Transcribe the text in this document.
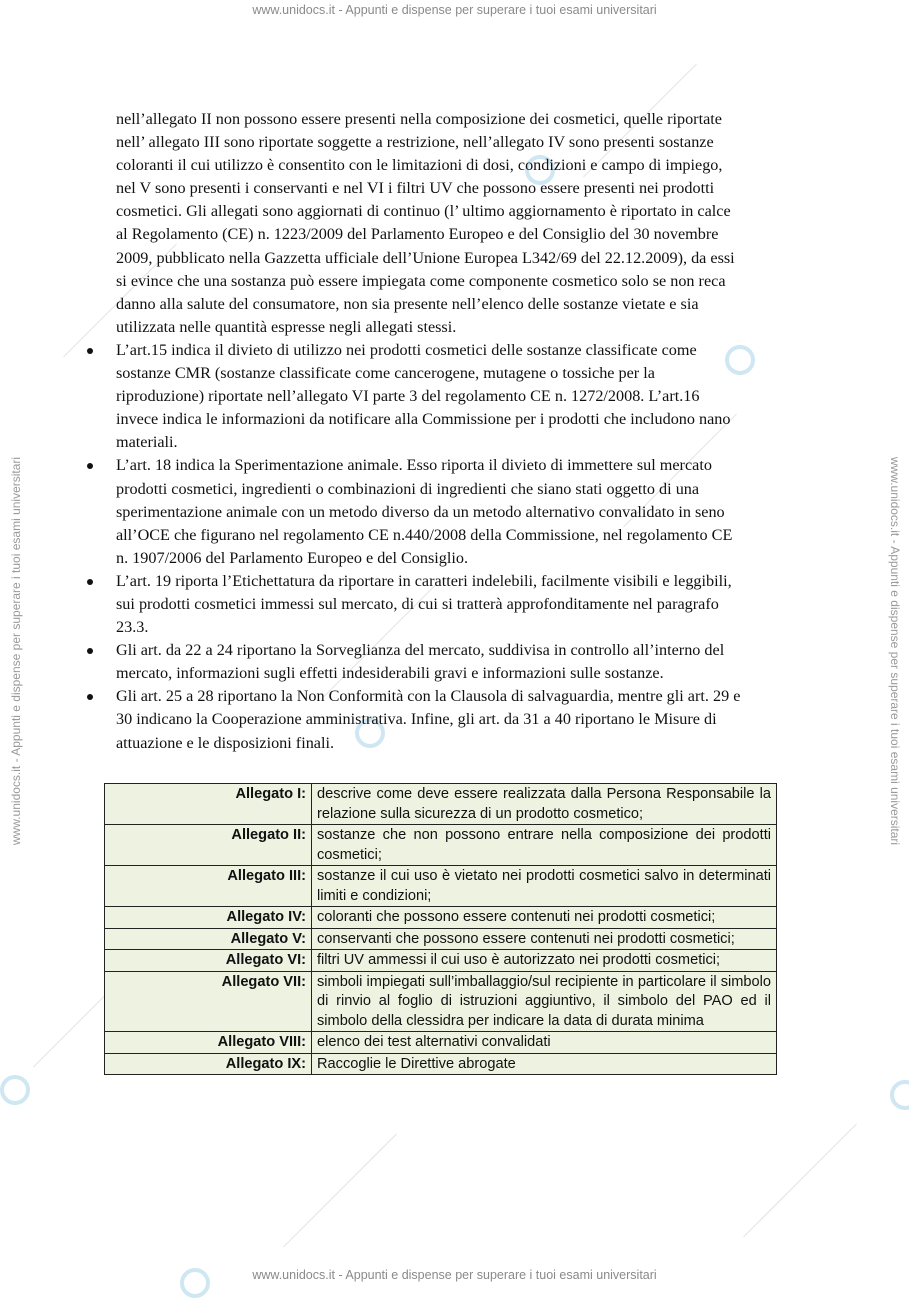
www.unidocs.it - Appunti e dispense per superare i tuoi esami universitari
www.unidocs.it - Appunti e dispense per superare i tuoi esami universitari
www.unidocs.it - Appunti e dispense per superare i tuoi esami universitari	www.unidocs.it - Appunti e dispense per superare i tuoi esami universitari

nell’allegato II non possono essere presenti nella composizione dei cosmetici, quelle riportate

nell’ allegato III sono riportate soggette a restrizione, nell’allegato IV sono presenti sostanze

coloranti il cui utilizzo è consentito con le limitazioni di dosi, condizioni e campo di impiego,

nel V sono presenti i conservanti e nel VI i filtri UV che possono essere presenti nei prodotti

cosmetici. Gli allegati sono aggiornati di continuo (l’ ultimo aggiornamento è riportato in calce

al Regolamento (CE) n. 1223/2009 del Parlamento Europeo e del Consiglio del 30 novembre

2009, pubblicato nella Gazzetta ufficiale dell’Unione Europea L342/69 del 22.12.2009), da essi

si evince che una sostanza può essere impiegata come componente cosmetico solo se non reca

danno alla salute del consumatore, non sia presente nell’elenco delle sostanze vietate e sia

utilizzata nelle quantità espresse negli allegati stessi.

L’art.15 indica il divieto di utilizzo nei prodotti cosmetici delle sostanze classificate come
sostanze CMR (sostanze classificate come cancerogene, mutagene o tossiche per la
riproduzione) riportate nell’allegato VI parte 3 del regolamento CE n. 1272/2008. L’art.16
invece indica le informazioni da notificare alla Commissione per i prodotti che includono nano
materiali.
L’art. 18 indica la Sperimentazione animale. Esso riporta il divieto di immettere sul mercato
prodotti cosmetici, ingredienti o combinazioni di ingredienti che siano stati oggetto di una
sperimentazione animale con un metodo diverso da un metodo alternativo convalidato in seno
all’OCE che figurano nel regolamento CE n.440/2008 della Commissione, nel regolamento CE
n. 1907/2006 del Parlamento Europeo e del Consiglio.
L’art. 19 riporta l’Etichettatura da riportare in caratteri indelebili, facilmente visibili e leggibili,
sui prodotti cosmetici immessi sul mercato, di cui si tratterà approfonditamente nel paragrafo
23.3.
Gli art. da 22 a 24 riportano la Sorveglianza del mercato, suddivisa in controllo all’interno del
mercato, informazioni sugli effetti indesiderabili gravi e informazioni sulle sostanze.
Gli art. 25 a 28 riportano la Non Conformità con la Clausola di salvaguardia, mentre gli art. 29 e
30 indicano la Cooperazione amministrativa. Infine, gli art. da 31 a 40 riportano le Misure di
attuazione e le disposizioni finali.
Allegato I:	descrive come deve essere realizzata dalla Persona Responsabile la relazione sulla sicurezza di un prodotto cosmetico;
Allegato II:	sostanze che non possono entrare nella composizione dei prodotti cosmetici;
Allegato III:	sostanze il cui uso è vietato nei prodotti cosmetici salvo in determinati limiti e condizioni;
Allegato IV:	coloranti che possono essere contenuti nei prodotti cosmetici;
Allegato V:	conservanti che possono essere contenuti nei prodotti cosmetici;
Allegato VI:	filtri UV ammessi il cui uso è autorizzato nei prodotti cosmetici;
Allegato VII:	simboli impiegati sull’imballaggio/sul recipiente in particolare il simbolo di rinvio al foglio di istruzioni aggiuntivo, il simbolo del PAO ed il simbolo della clessidra per indicare la data di durata minima
Allegato VIII:	elenco dei test alternativi convalidati
Allegato IX:	Raccoglie le Direttive abrogate
